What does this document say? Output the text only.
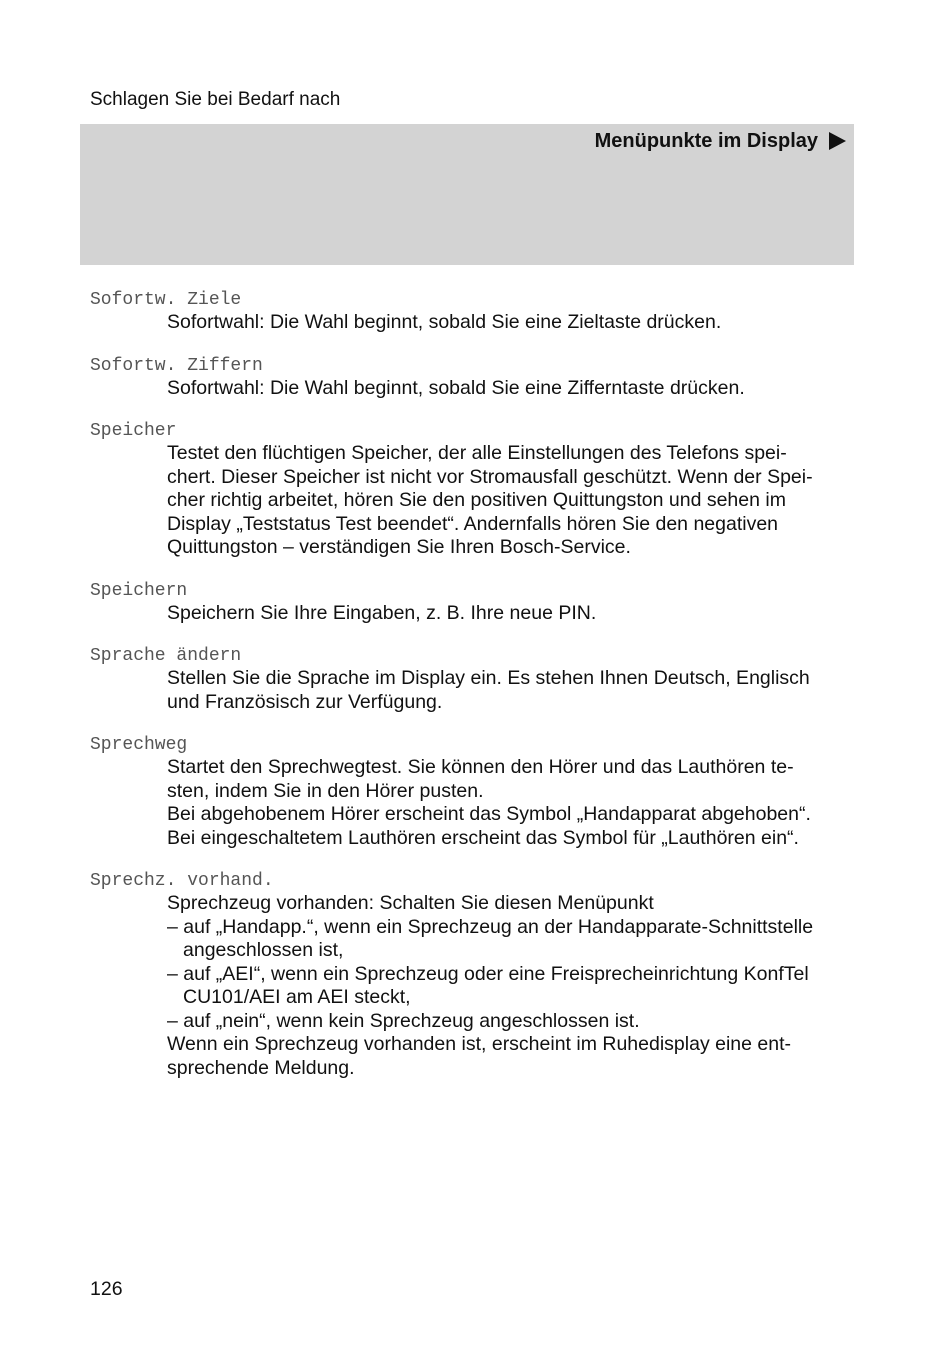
Schlagen Sie bei Bedarf nach
Menüpunkte im Display
Sofortw. Ziele
Sofortwahl: Die Wahl beginnt, sobald Sie eine Zieltaste drücken.
Sofortw. Ziffern
Sofortwahl: Die Wahl beginnt, sobald Sie eine Zifferntaste drücken.
Speicher
Testet den flüchtigen Speicher, der alle Einstellungen des Telefons spei-
chert. Dieser Speicher ist nicht vor Stromausfall geschützt. Wenn der Spei-
cher richtig arbeitet, hören Sie den positiven Quittungston und sehen im
Display „Teststatus Test beendet“. Andernfalls hören Sie den negativen
Quittungston – verständigen Sie Ihren Bosch-Service.
Speichern
Speichern Sie Ihre Eingaben, z. B. Ihre neue PIN.
Sprache ändern
Stellen Sie die Sprache im Display ein. Es stehen Ihnen Deutsch, Englisch
und Französisch zur Verfügung.
Sprechweg
Startet den Sprechwegtest. Sie können den Hörer und das Lauthören te-
sten, indem Sie in den Hörer pusten.
Bei abgehobenem Hörer erscheint das Symbol „Handapparat abgehoben“.
Bei eingeschaltetem Lauthören erscheint das Symbol für „Lauthören ein“.
Sprechz. vorhand.
Sprechzeug vorhanden: Schalten Sie diesen Menüpunkt
– auf „Handapp.“, wenn ein Sprechzeug an der Handapparate-Schnittstelle
angeschlossen ist,
– auf „AEI“, wenn ein Sprechzeug oder eine Freisprecheinrichtung KonfTel
CU101/AEI am AEI steckt,
– auf „nein“, wenn kein Sprechzeug angeschlossen ist.
Wenn ein Sprechzeug vorhanden ist, erscheint im Ruhedisplay eine ent-
sprechende Meldung.
126
